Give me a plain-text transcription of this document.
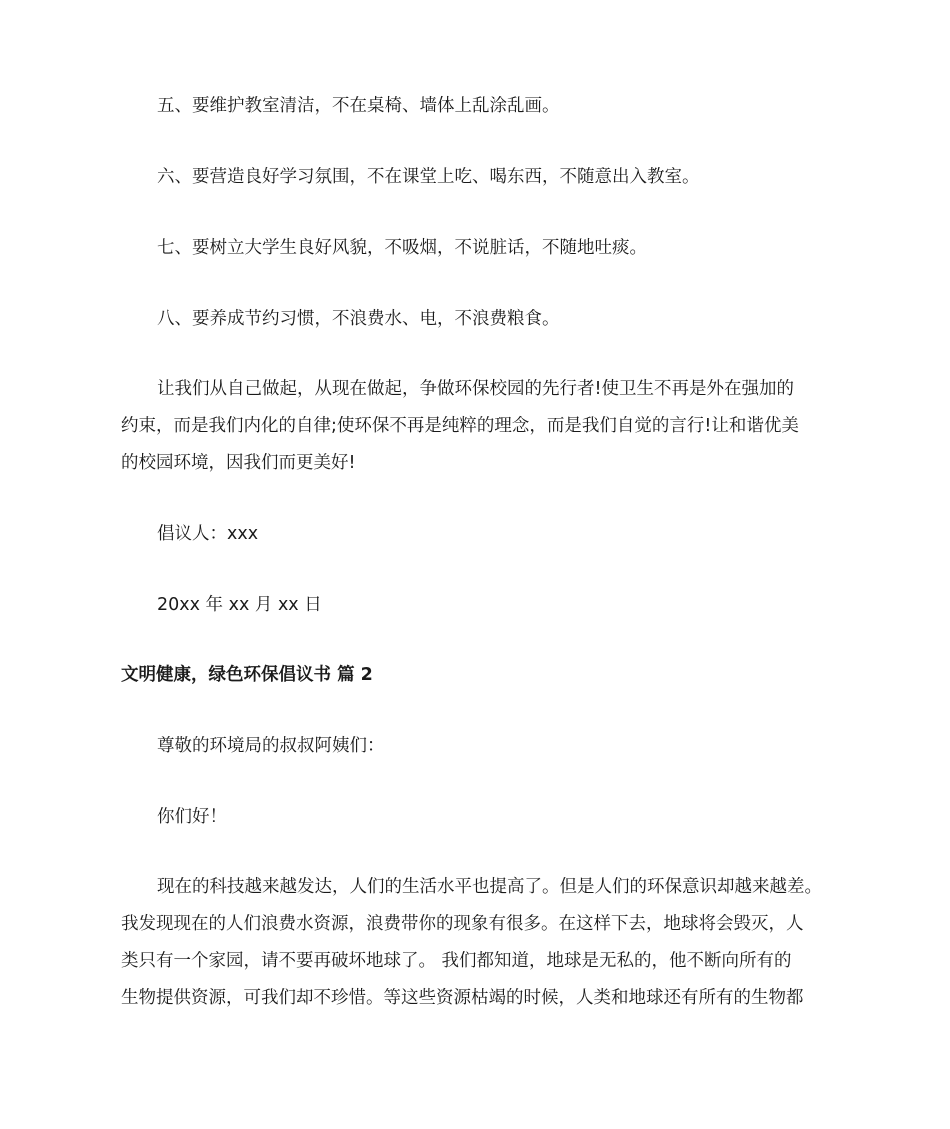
五、要维护教室清洁，不在桌椅、墙体上乱涂乱画。

六、要营造良好学习氛围，不在课堂上吃、喝东西，不随意出入教室。

七、要树立大学生良好风貌，不吸烟，不说脏话，不随地吐痰。

八、要养成节约习惯，不浪费水、电，不浪费粮食。

让我们从自己做起，从现在做起，争做环保校园的先行者!使卫生不再是外在强加的
约束，而是我们内化的自律;使环保不再是纯粹的理念，而是我们自觉的言行!让和谐优美
的校园环境，因我们而更美好!

倡议人：xxx

20xx 年 xx 月 xx 日

文明健康，绿色环保倡议书 篇 2

尊敬的环境局的叔叔阿姨们：

你们好！

现在的科技越来越发达，人们的生活水平也提高了。但是人们的环保意识却越来越差。
我发现现在的人们浪费水资源，浪费带你的现象有很多。在这样下去，地球将会毁灭，人
类只有一个家园，请不要再破坏地球了。 我们都知道，地球是无私的，他不断向所有的
生物提供资源，可我们却不珍惜。等这些资源枯竭的时候，人类和地球还有所有的生物都
